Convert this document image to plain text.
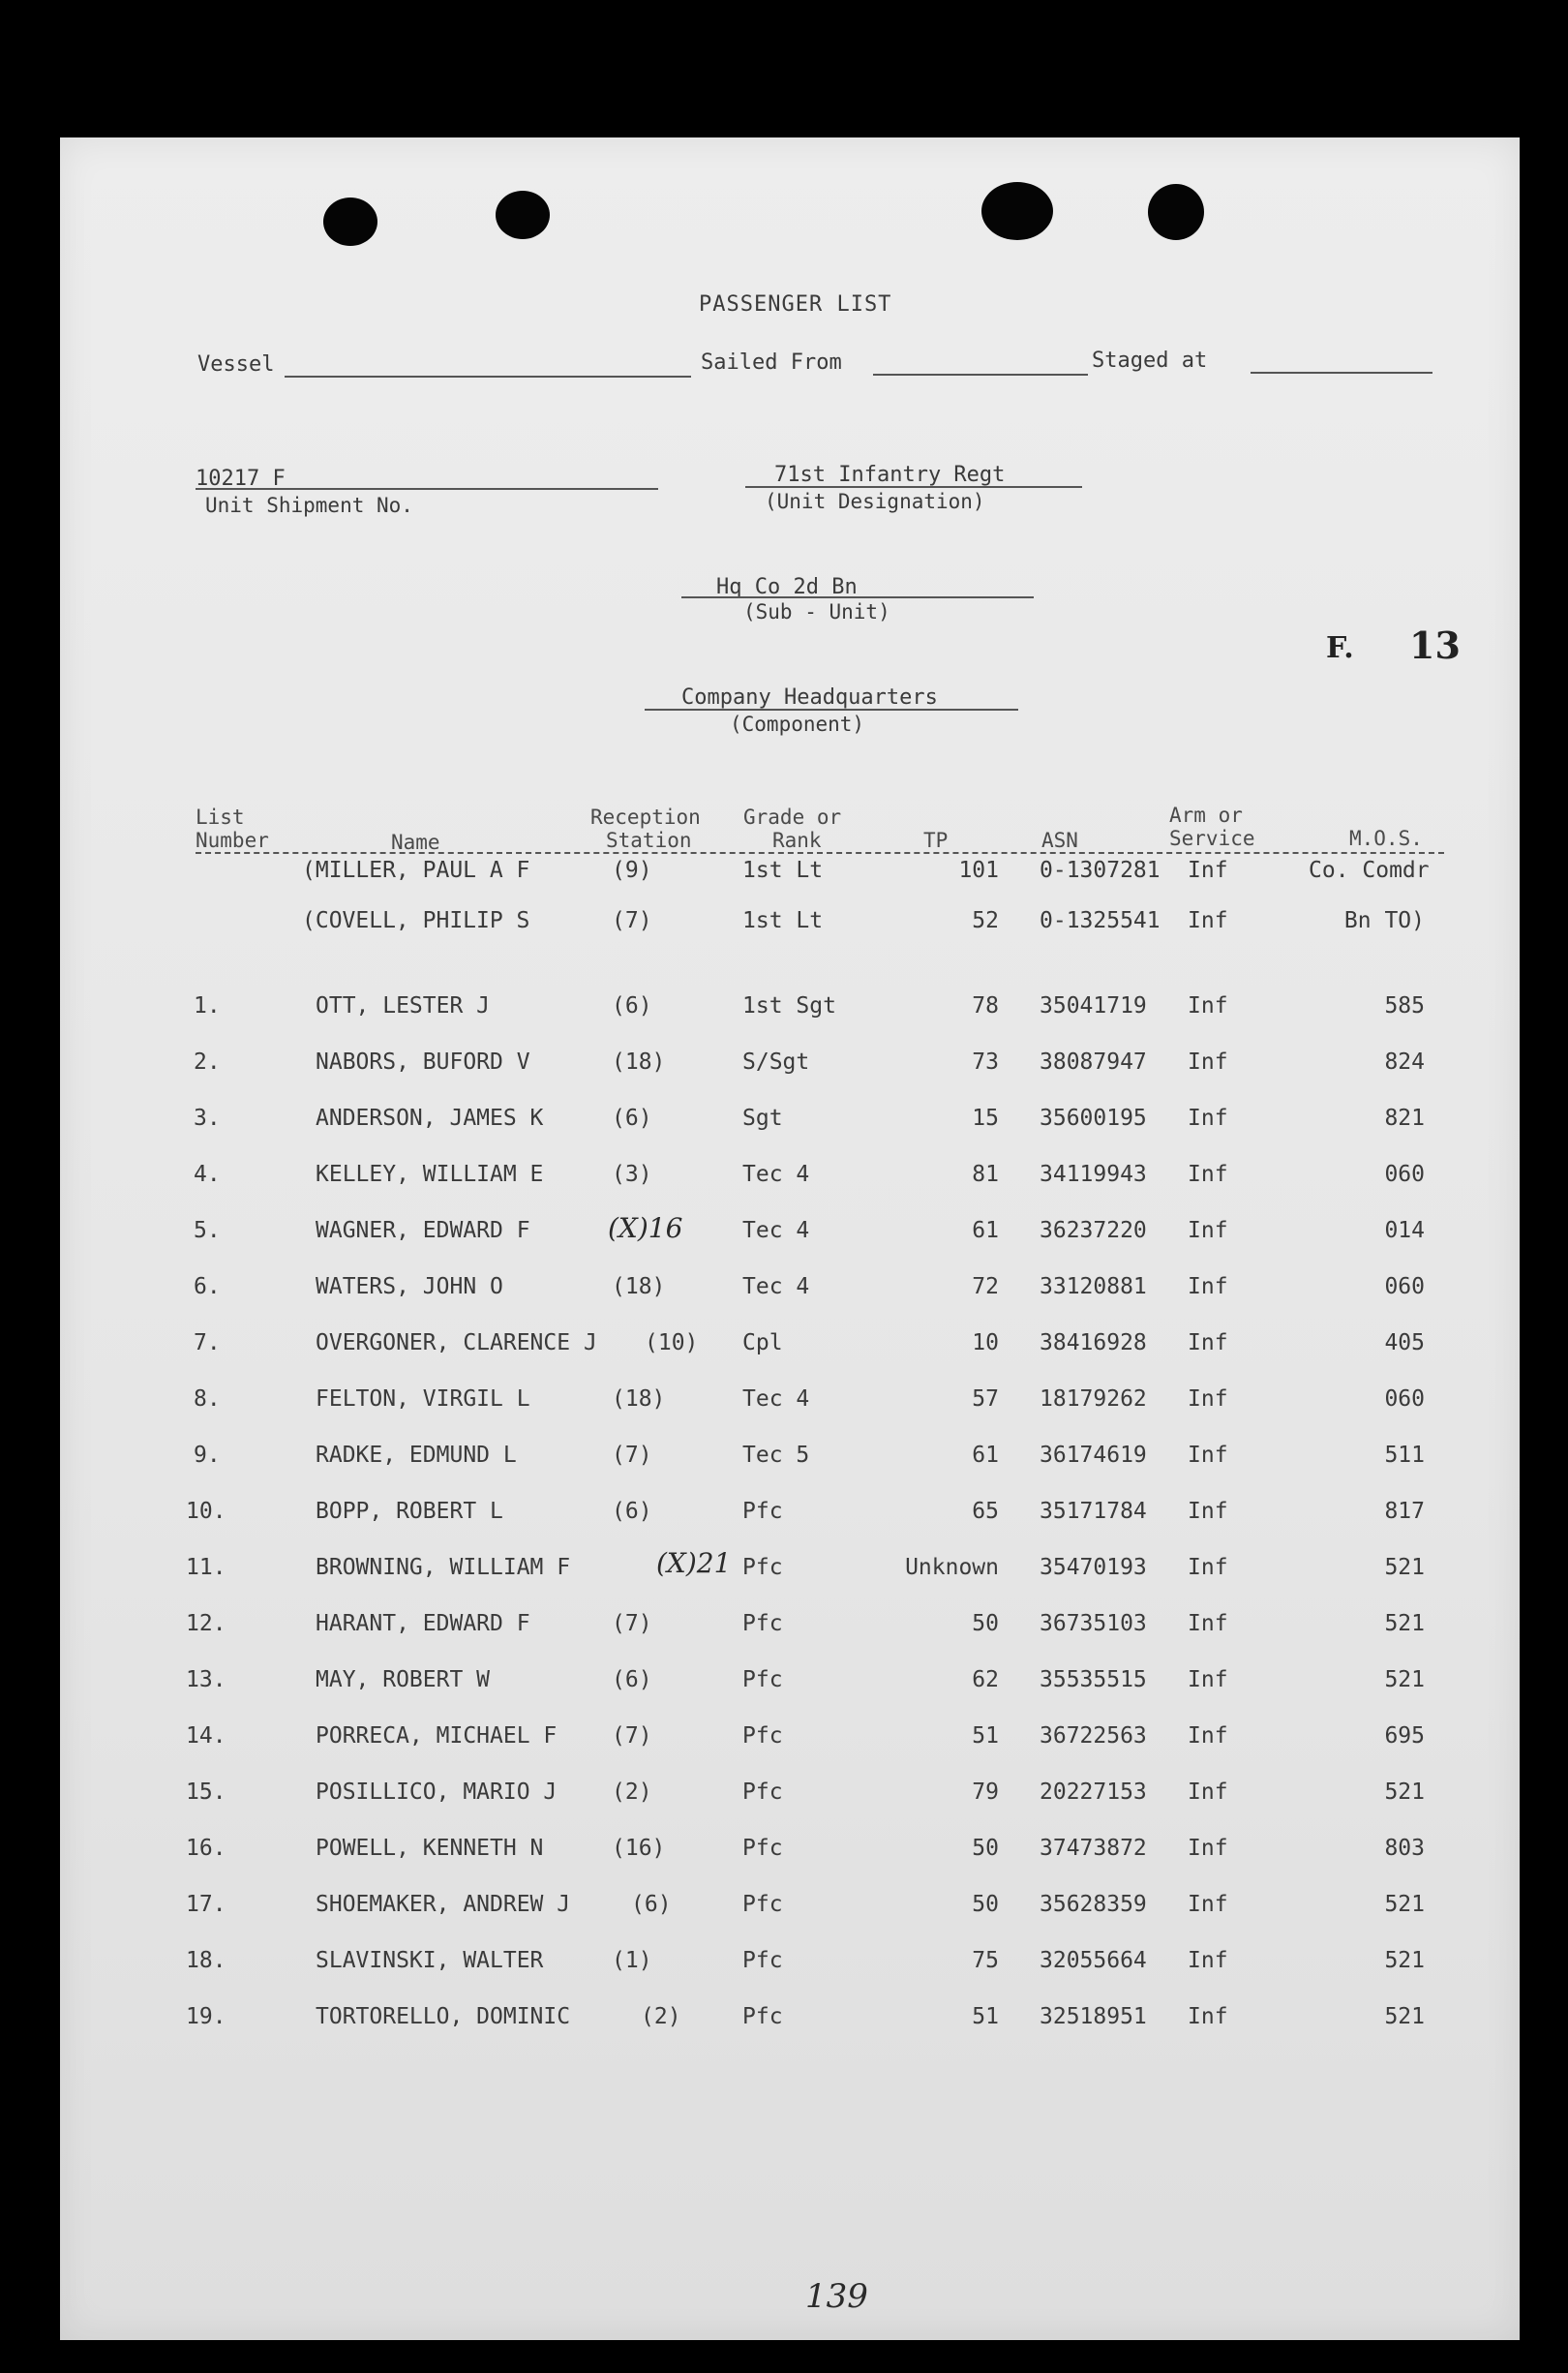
PASSENGER LIST
Vessel	Sailed From	Staged at
10217 F
Unit Shipment No.
71st Infantry Regt
(Unit Designation)
Hq Co 2d Bn
(Sub - Unit)
F. 13
Company Headquarters
(Component)
List
Number	Name
Reception
Station
Grade or
Rank	TP	ASN
Arm or
Service	M.O.S.
(MILLER, PAUL A F	(9)	1st Lt	101 0-1307281 Inf	Co. Comdr
(COVELL, PHILIP S	(7)	1st Lt	52 0-1325541 Inf	Bn TO)
1.	OTT, LESTER J	(6)	1st Sgt	78 35041719 Inf	585
2.	NABORS, BUFORD V	(18)	S/Sgt	73 38087947 Inf	824
3.	ANDERSON, JAMES K	(6)	Sgt	15 35600195 Inf	821
4.	KELLEY, WILLIAM E	(3)	Tec 4	81 34119943 Inf	060
5.	WAGNER, EDWARD F	(X)16	Tec 4	61 36237220 Inf	014
6.	WATERS, JOHN O	(18)	Tec 4	72 33120881 Inf	060
7.	OVERGONER, CLARENCE J (10) Cpl	10 38416928 Inf	405
8.	FELTON, VIRGIL L	(18)	Tec 4	57 18179262 Inf	060
9.	RADKE, EDMUND L	(7)	Tec 5	61 36174619 Inf	511
10.	BOPP, ROBERT L	(6)	Pfc	65 35171784 Inf	817
11.	BROWNING, WILLIAM F	(X)21 Pfc	Unknown 35470193 Inf	521
12.	HARANT, EDWARD F	(7)	Pfc	50 36735103 Inf	521
13.	MAY, ROBERT W	(6)	Pfc	62 35535515 Inf	521
14.	PORRECA, MICHAEL F (7)	Pfc	51 36722563 Inf	695
15.	POSILLICO, MARIO J (2)	Pfc	79 20227153 Inf	521
16.	POWELL, KENNETH N	(16)	Pfc	50 37473872 Inf	803
17.	SHOEMAKER, ANDREW J	(6)	Pfc	50 35628359 Inf	521
18.	SLAVINSKI, WALTER	(1)	Pfc	75 32055664 Inf	521
19.	TORTORELLO, DOMINIC	(2)	Pfc	51 32518951 Inf	521
139
